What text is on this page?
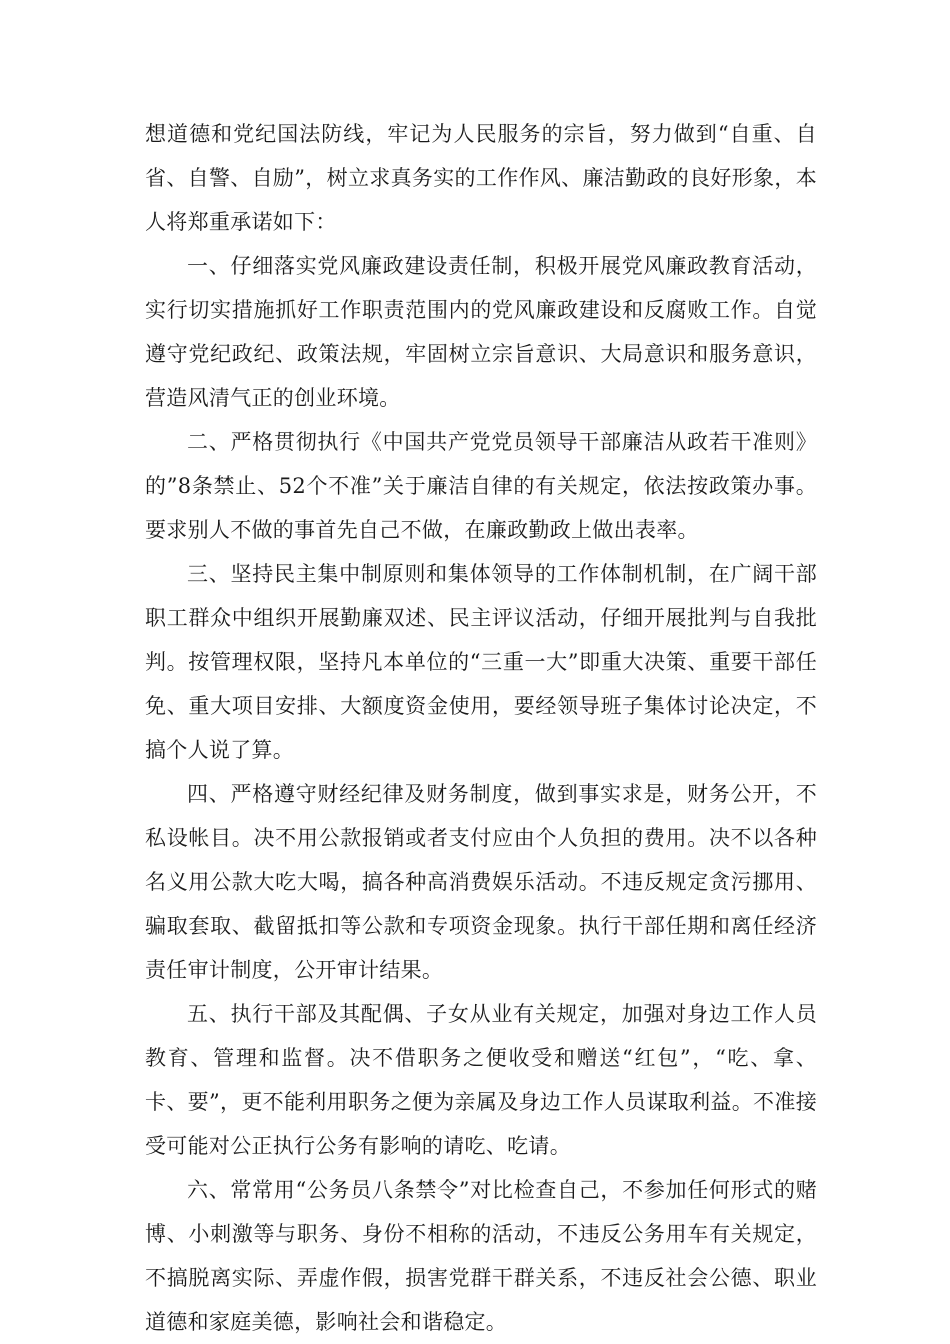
想道德和党纪国法防线，牢记为人民服务的宗旨，努力做到“自重、自省、自警、自励”，树立求真务实的工作作风、廉洁勤政的良好形象，本人将郑重承诺如下：

一、仔细落实党风廉政建设责任制，积极开展党风廉政教育活动，实行切实措施抓好工作职责范围内的党风廉政建设和反腐败工作。自觉遵守党纪政纪、政策法规，牢固树立宗旨意识、大局意识和服务意识，营造风清气正的创业环境。

二、严格贯彻执行《中国共产党党员领导干部廉洁从政若干准则》的”8条禁止、52个不准”关于廉洁自律的有关规定，依法按政策办事。要求别人不做的事首先自己不做，在廉政勤政上做出表率。

三、坚持民主集中制原则和集体领导的工作体制机制，在广阔干部职工群众中组织开展勤廉双述、民主评议活动，仔细开展批判与自我批判。按管理权限，坚持凡本单位的“三重一大”即重大决策、重要干部任免、重大项目安排、大额度资金使用，要经领导班子集体讨论决定，不搞个人说了算。

四、严格遵守财经纪律及财务制度，做到事实求是，财务公开，不私设帐目。决不用公款报销或者支付应由个人负担的费用。决不以各种名义用公款大吃大喝，搞各种高消费娱乐活动。不违反规定贪污挪用、骗取套取、截留抵扣等公款和专项资金现象。执行干部任期和离任经济责任审计制度，公开审计结果。

五、执行干部及其配偶、子女从业有关规定，加强对身边工作人员教育、管理和监督。决不借职务之便收受和赠送“红包”，“吃、拿、卡、要”，更不能利用职务之便为亲属及身边工作人员谋取利益。不准接受可能对公正执行公务有影响的请吃、吃请。

六、常常用“公务员八条禁令”对比检查自己，不参加任何形式的赌博、小刺激等与职务、身份不相称的活动，不违反公务用车有关规定，不搞脱离实际、弄虚作假，损害党群干群关系，不违反社会公德、职业道德和家庭美德，影响社会和谐稳定。
